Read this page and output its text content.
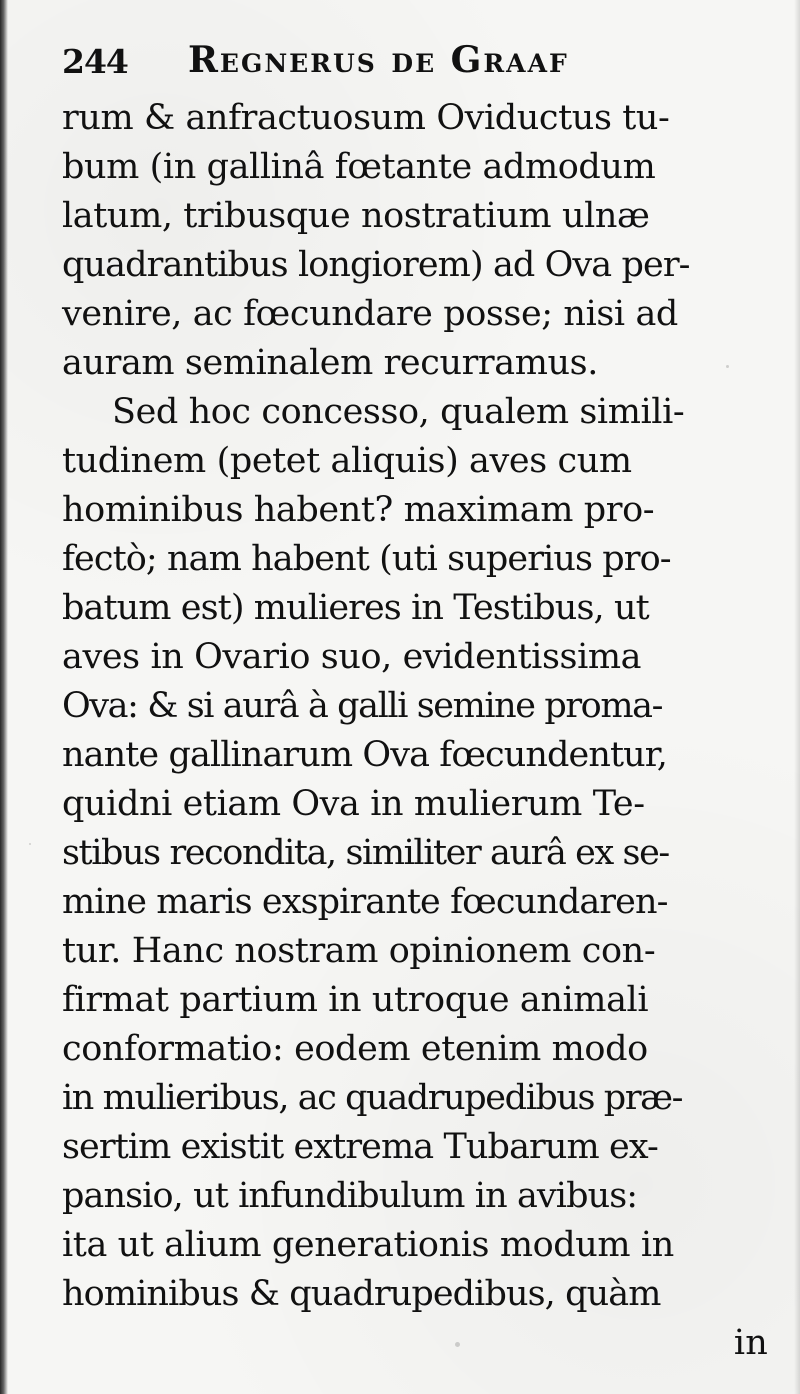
244 Regnerus de Graaf
rum & anfractuosum Oviductus tu-
bum (in gallinâ fœtante admodum
latum, tribusque nostratium ulnæ
quadrantibus longiorem) ad Ova per-
venire, ac fœcundare posse; nisi ad
auram seminalem recurramus.
Sed hoc concesso, qualem simili-
tudinem (petet aliquis) aves cum
hominibus habent? maximam pro-
fectò; nam habent (uti superius pro-
batum est) mulieres in Testibus, ut
aves in Ovario suo, evidentissima
Ova: & si aurâ à galli semine proma-
nante gallinarum Ova fœcundentur,
quidni etiam Ova in mulierum Te-
stibus recondita, similiter aurâ ex se-
mine maris exspirante fœcundaren-
tur. Hanc nostram opinionem con-
firmat partium in utroque animali
conformatio: eodem etenim modo
in mulieribus, ac quadrupedibus præ-
sertim existit extrema Tubarum ex-
pansio, ut infundibulum in avibus:
ita ut alium generationis modum in
hominibus & quadrupedibus, quàm
in
